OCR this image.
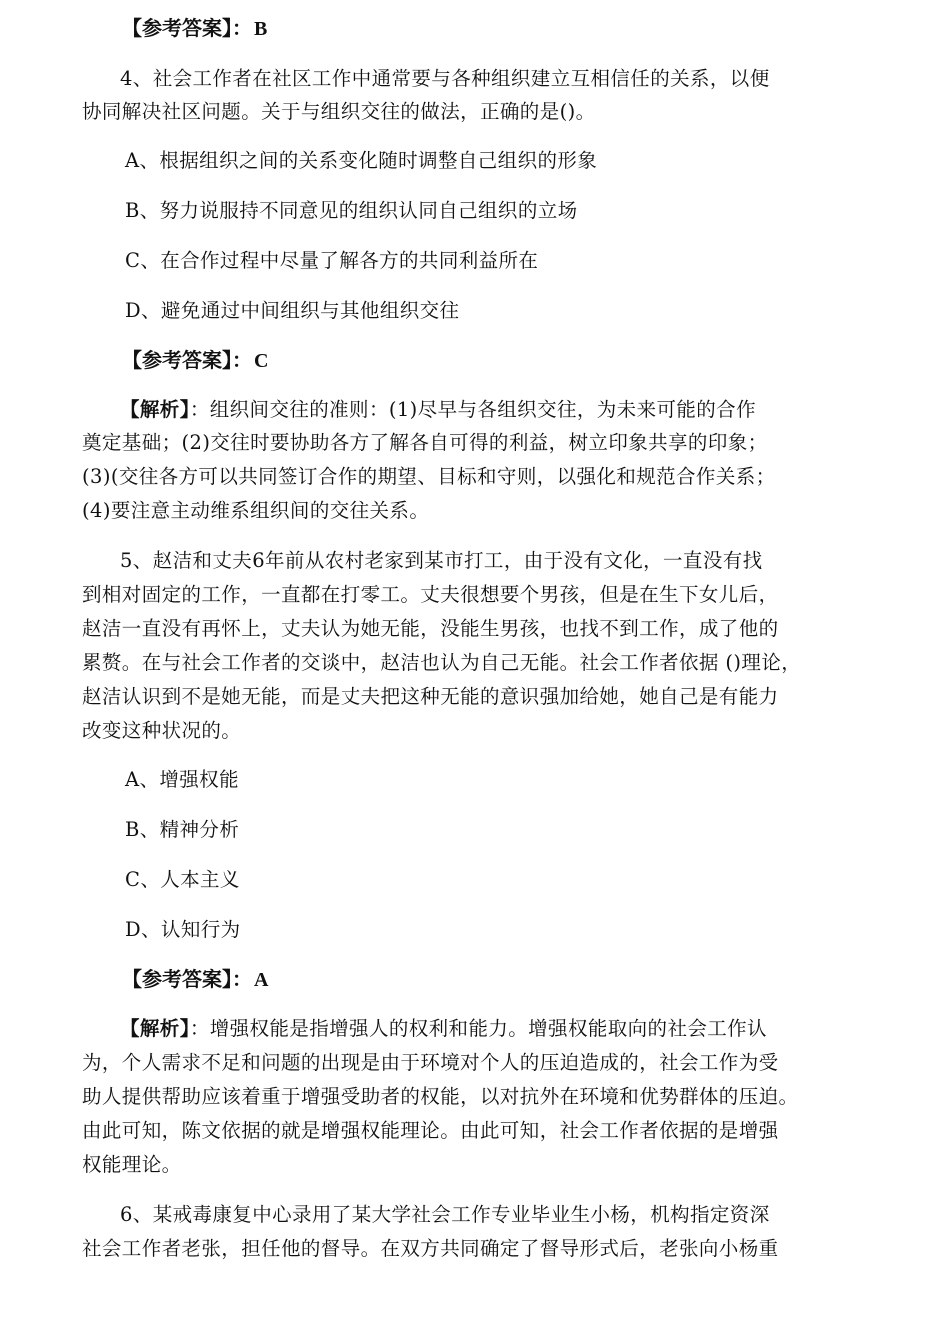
【参考答案】： B
4、社会工作者在社区工作中通常要与各种组织建立互相信任的关系，以便
协同解决社区问题。关于与组织交往的做法，正确的是()。
A、根据组织之间的关系变化随时调整自己组织的形象
B、努力说服持不同意见的组织认同自己组织的立场
C、在合作过程中尽量了解各方的共同利益所在
D、避免通过中间组织与其他组织交往
【参考答案】： C
【解析】：组织间交往的准则：(1)尽早与各组织交往，为未来可能的合作
奠定基础；(2)交往时要协助各方了解各自可得的利益，树立印象共享的印象；
(3)(交往各方可以共同签订合作的期望、目标和守则，以强化和规范合作关系；
(4)要注意主动维系组织间的交往关系。
5、赵洁和丈夫6年前从农村老家到某市打工，由于没有文化，一直没有找
到相对固定的工作，一直都在打零工。丈夫很想要个男孩，但是在生下女儿后，
赵洁一直没有再怀上，丈夫认为她无能，没能生男孩，也找不到工作，成了他的
累赘。在与社会工作者的交谈中，赵洁也认为自己无能。社会工作者依据 ()理论，
赵洁认识到不是她无能，而是丈夫把这种无能的意识强加给她，她自己是有能力
改变这种状况的。
A、增强权能
B、精神分析
C、人本主义
D、认知行为
【参考答案】： A
【解析】：增强权能是指增强人的权利和能力。增强权能取向的社会工作认
为，个人需求不足和问题的出现是由于环境对个人的压迫造成的，社会工作为受
助人提供帮助应该着重于增强受助者的权能，以对抗外在环境和优势群体的压迫。
由此可知，陈文依据的就是增强权能理论。由此可知，社会工作者依据的是增强
权能理论。
6、某戒毒康复中心录用了某大学社会工作专业毕业生小杨，机构指定资深
社会工作者老张，担任他的督导。在双方共同确定了督导形式后，老张向小杨重
